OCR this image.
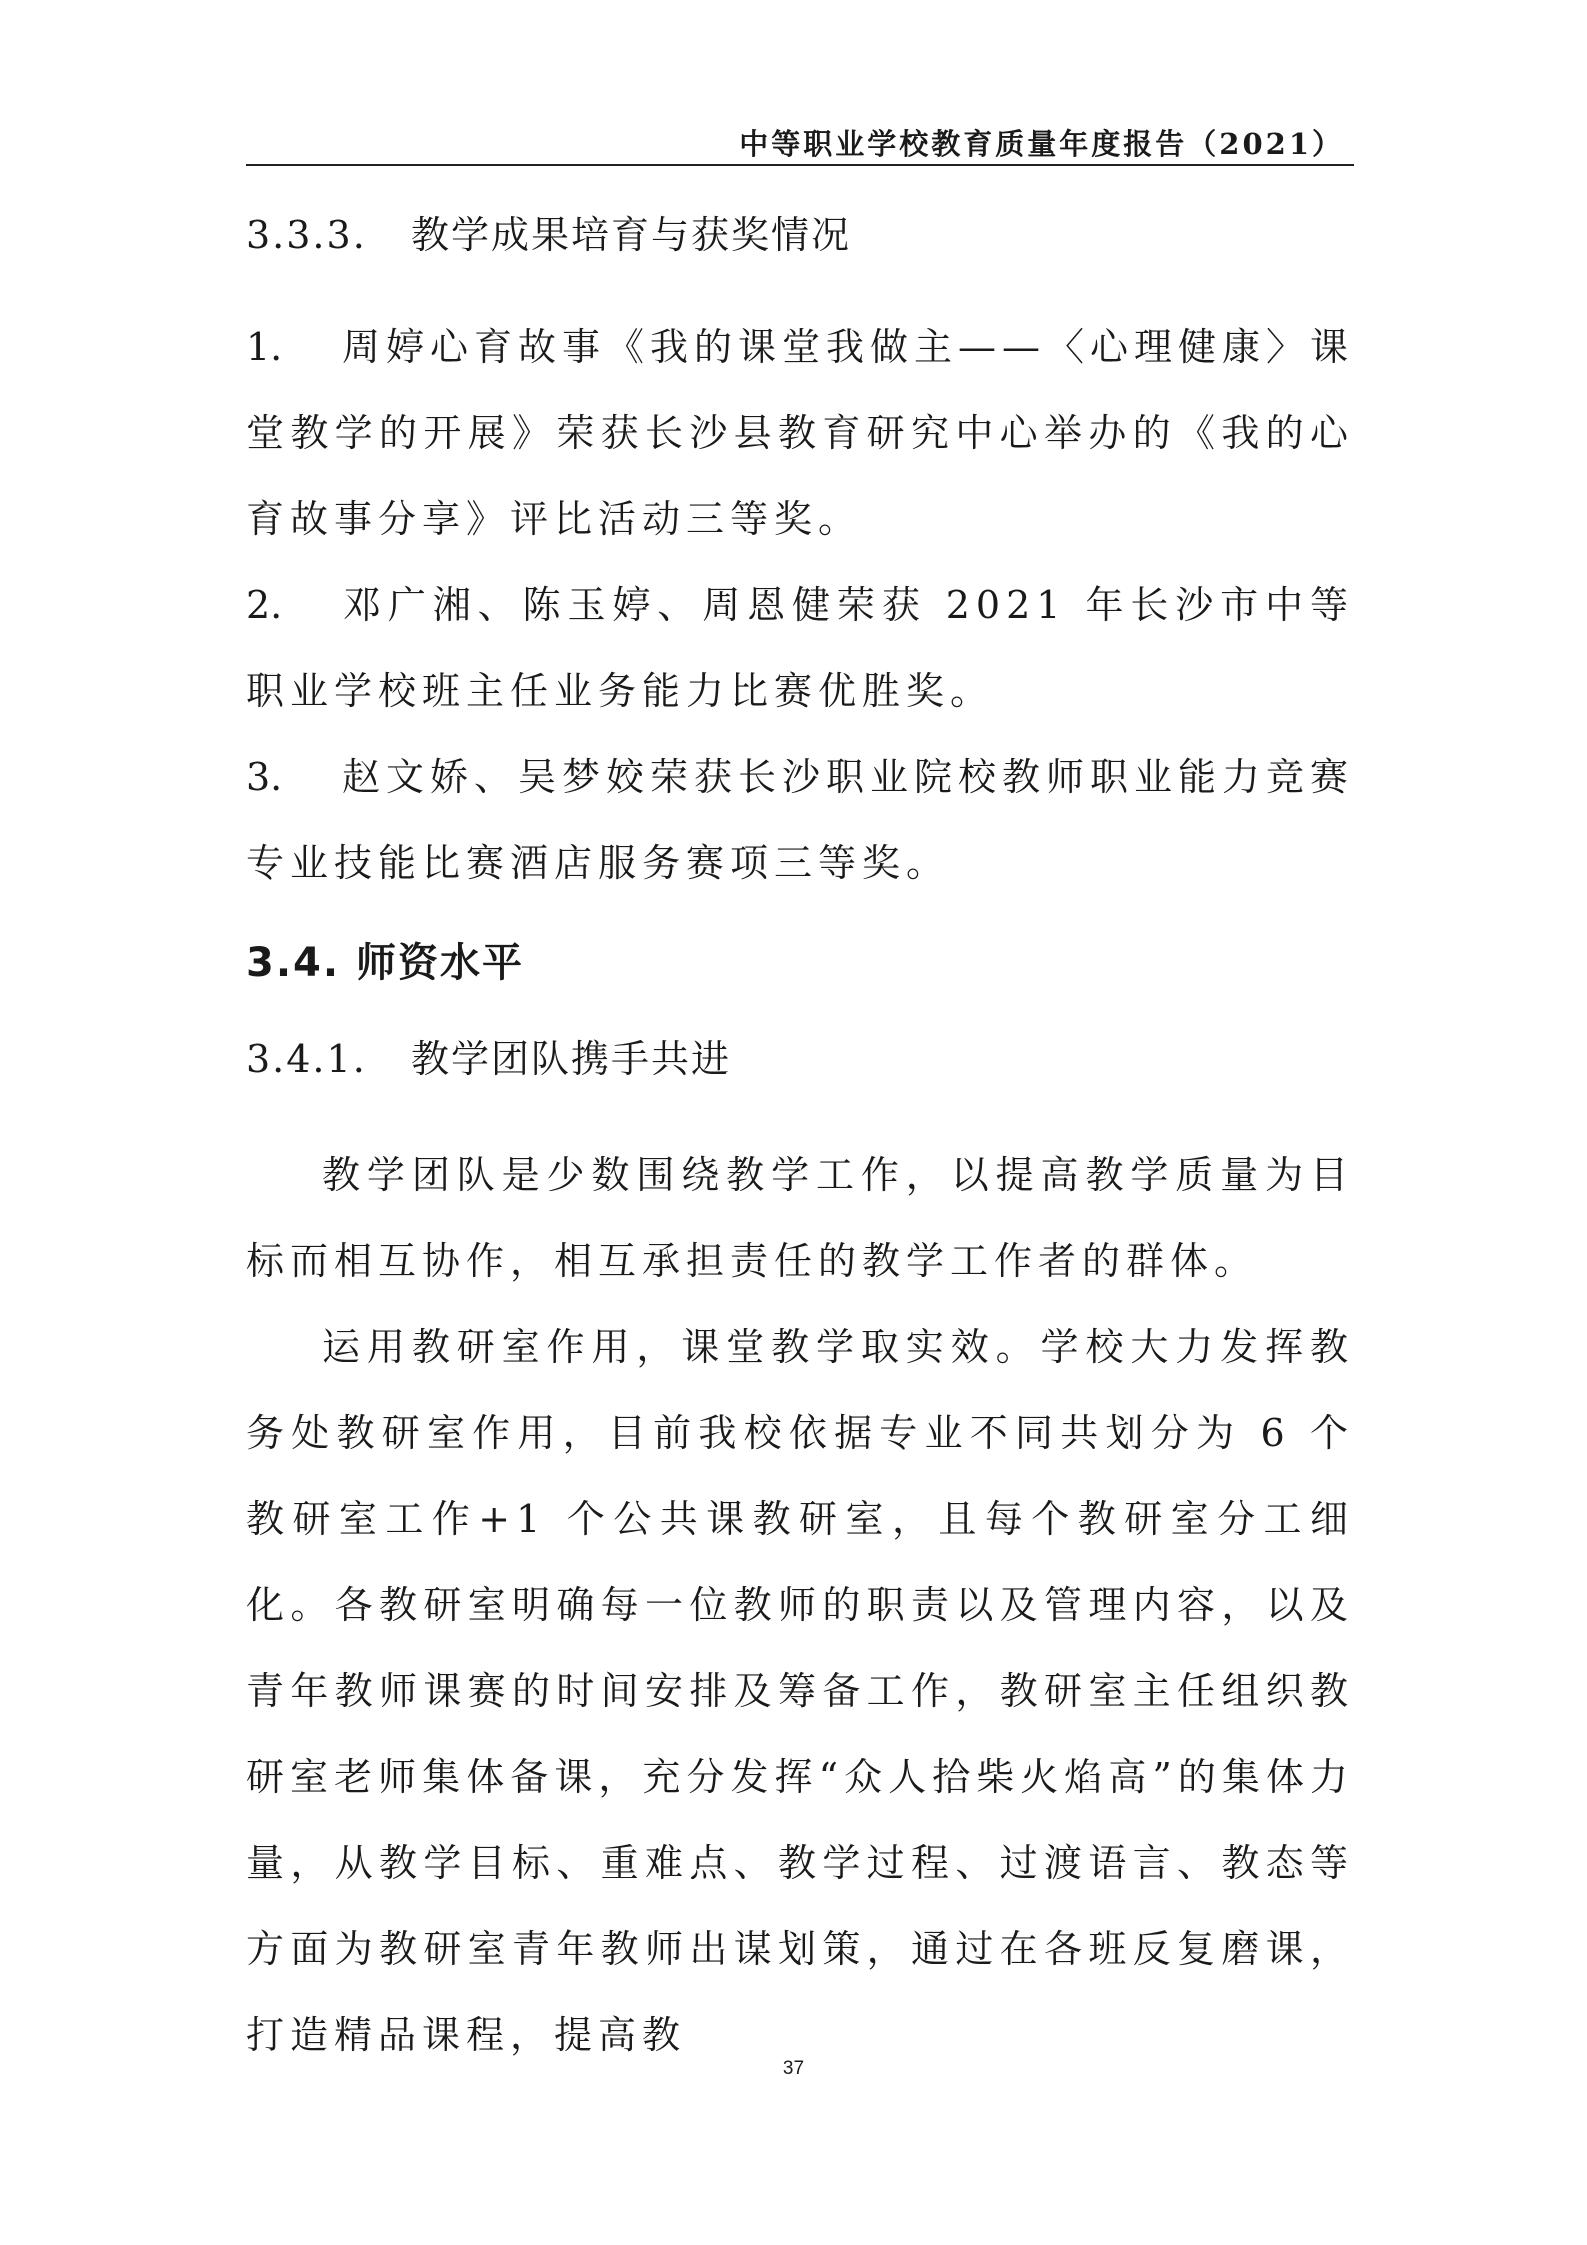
中等职业学校教育质量年度报告（2021）
3.3.3. 教学成果培育与获奖情况

1. 周婷心育故事《我的课堂我做主——〈心理健康〉课堂教学的开展》荣获长沙县教育研究中心举办的《我的心育故事分享》评比活动三等奖。

2. 邓广湘、陈玉婷、周恩健荣获 2021 年长沙市中等职业学校班主任业务能力比赛优胜奖。

3. 赵文娇、吴梦姣荣获长沙职业院校教师职业能力竞赛专业技能比赛酒店服务赛项三等奖。

3.4. 师资水平
3.4.1. 教学团队携手共进

教学团队是少数围绕教学工作，以提高教学质量为目标而相互协作，相互承担责任的教学工作者的群体。

运用教研室作用，课堂教学取实效。学校大力发挥教务处教研室作用，目前我校依据专业不同共划分为 6 个教研室工作+1 个公共课教研室，且每个教研室分工细化。各教研室明确每一位教师的职责以及管理内容，以及青年教师课赛的时间安排及筹备工作，教研室主任组织教研室老师集体备课，充分发挥“众人拾柴火焰高”的集体力量，从教学目标、重难点、教学过程、过渡语言、教态等方面为教研室青年教师出谋划策，通过在各班反复磨课，打造精品课程，提高教

37
